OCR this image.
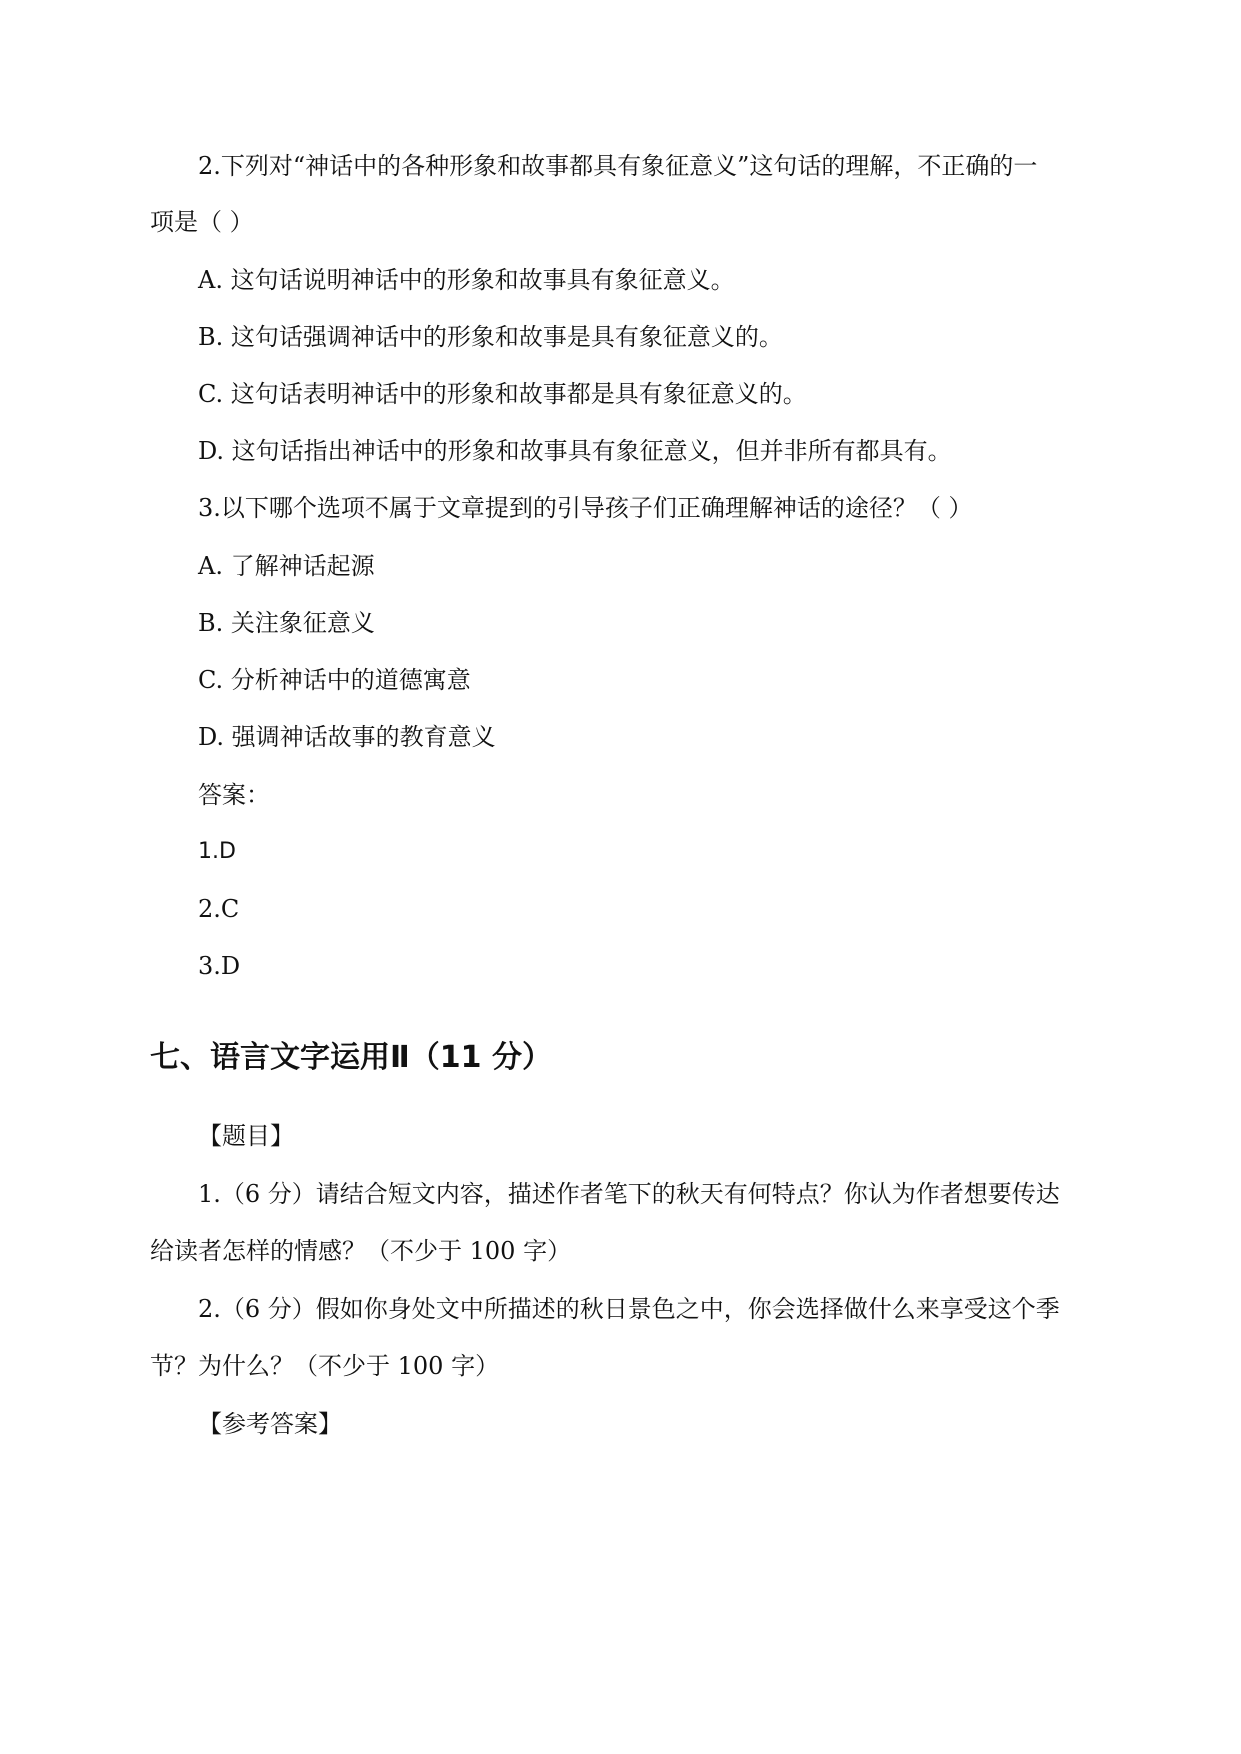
2.下列对“神话中的各种形象和故事都具有象征意义”这句话的理解，不正确的一
项是（ ）
A. 这句话说明神话中的形象和故事具有象征意义。
B. 这句话强调神话中的形象和故事是具有象征意义的。
C. 这句话表明神话中的形象和故事都是具有象征意义的。
D. 这句话指出神话中的形象和故事具有象征意义，但并非所有都具有。
3.以下哪个选项不属于文章提到的引导孩子们正确理解神话的途径？（ ）
A. 了解神话起源
B. 关注象征意义
C. 分析神话中的道德寓意
D. 强调神话故事的教育意义
答案：
1.D
2.C
3.D
七、语言文字运用Ⅱ（11 分）
【题目】
1.（6 分）请结合短文内容，描述作者笔下的秋天有何特点？你认为作者想要传达
给读者怎样的情感？（不少于 100 字）
2.（6 分）假如你身处文中所描述的秋日景色之中，你会选择做什么来享受这个季
节？为什么？（不少于 100 字）
【参考答案】
